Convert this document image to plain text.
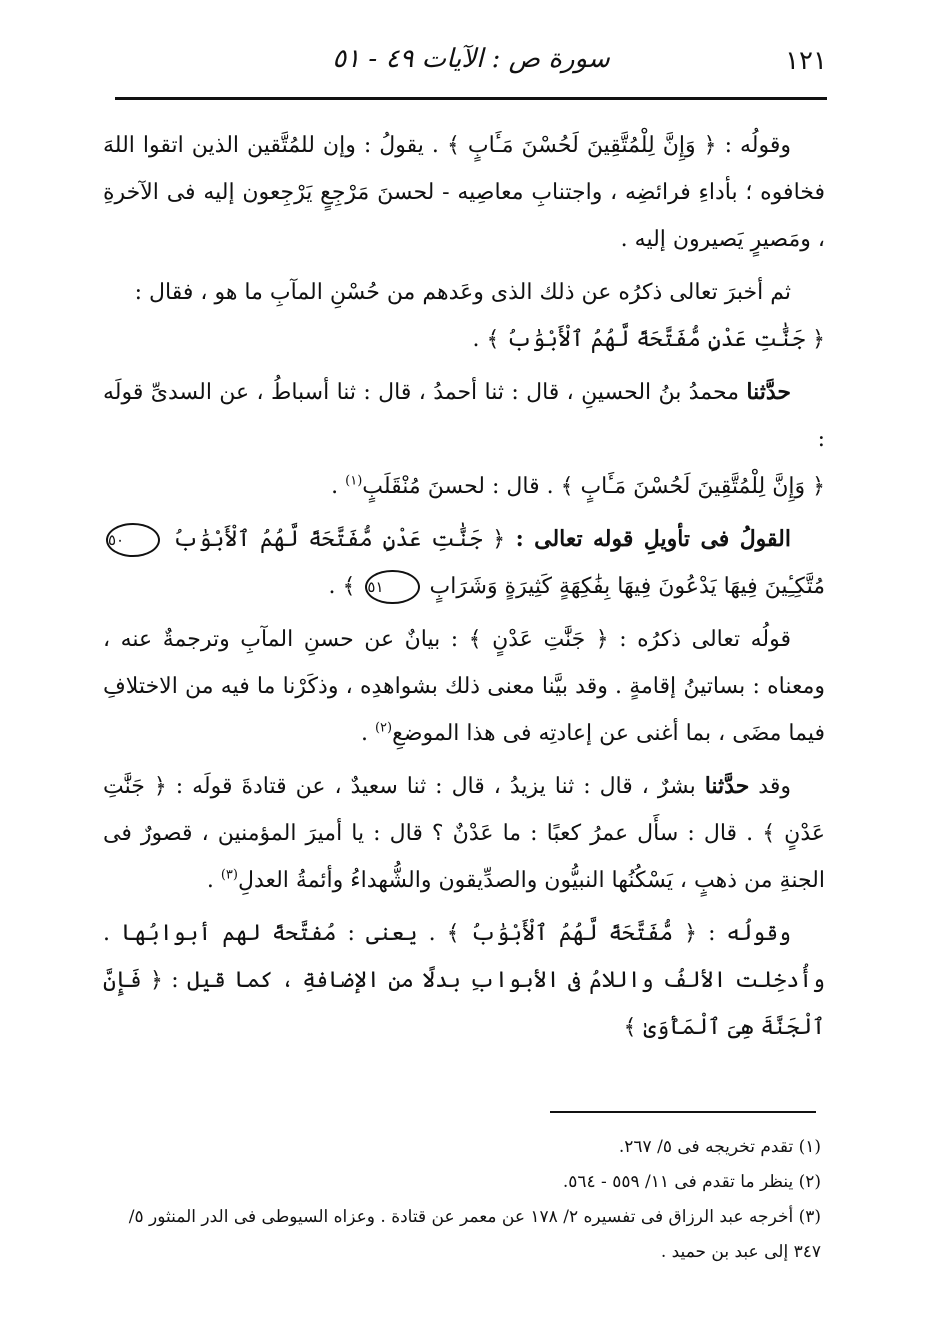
١٢١
سورة ص : الآيات ٤٩ - ٥١

وقولُه : ﴿ وَإِنَّ لِلْمُتَّقِينَ لَحُسْنَ مَـَٔابٍ ﴾ . يقولُ : وإن للمُتَّقين الذين اتقوا اللهَ فخافوه ؛ بأداءِ فرائضِه ، واجتنابِ معاصِيه - لحسنَ مَرْجِعٍ يَرْجِعون إليه فى الآخرةِ ، ومَصيرٍ يَصيرون إليه .

ثم أخبرَ تعالى ذكرُه عن ذلك الذى وعَدهم من حُسْنِ المآبِ ما هو ، فقال :
﴿ جَنَّٰتِ عَدْنٍ مُّفَتَّحَةً لَّهُمُ ٱلْأَبْوَٰبُ ﴾ .

حدَّثنا محمدُ بنُ الحسينِ ، قال : ثنا أحمدُ ، قال : ثنا أسباطُ ، عن السدىِّ قولَه :
﴿ وَإِنَّ لِلْمُتَّقِينَ لَحُسْنَ مَـَٔابٍ ﴾ . قال : لحسنَ مُنْقَلَبٍ$^{(١)}$ .

القولُ فى تأويلِ قوله تعالى : ﴿ جَنَّٰتِ عَدْنٍ مُّفَتَّحَةً لَّهُمُ ٱلْأَبْوَٰبُ ٥٠ مُتَّكِـِٔينَ فِيهَا يَدْعُونَ فِيهَا بِفَٰكِهَةٍ كَثِيرَةٍ وَشَرَابٍ ٥١ ﴾ .

قولُه تعالى ذكرُه : ﴿ جَنَّٰتِ عَدْنٍ ﴾ : بيانٌ عن حسنِ المآبِ وترجمةٌ عنه ، ومعناه : بساتينُ إقامةٍ . وقد بيَّنا معنى ذلك بشواهدِه ، وذكَرْنا ما فيه من الاختلافِ فيما مضَى ، بما أغنى عن إعادتِه فى هذا الموضعِ$^{(٢)}$ .

وقد حدَّثنا بشرٌ ، قال : ثنا يزيدُ ، قال : ثنا سعيدٌ ، عن قتادةَ قولَه : ﴿ جَنَّٰتِ عَدْنٍ ﴾ . قال : سأَل عمرُ كعبًا : ما عَدْنٌ ؟ قال : يا أميرَ المؤمنين ، قصورٌ فى الجنةِ من ذهبٍ ، يَسْكُنُها النبيُّون والصدِّيقون والشُّهداءُ وأئمةُ العدلِ$^{(٣)}$ .

وقولُه : ﴿ مُّفَتَّحَةً لَّهُمُ ٱلْأَبْوَٰبُ ﴾ . يعنى : مُفتَّحةً لهم أبوابُها . وأُدخِلت الألفُ واللامُ فى الأبوابِ بدلًا من الإضافةِ ، كما قيل : ﴿ فَإِنَّ ٱلْجَنَّةَ هِىَ ٱلْمَأْوَىٰ ﴾

(١) تقدم تخريجه فى ٥/ ٢٦٧.

(٢) ينظر ما تقدم فى ١١/ ٥٥٩ - ٥٦٤.

(٣) أخرجه عبد الرزاق فى تفسيره ٢/ ١٧٨ عن معمر عن قتادة . وعزاه السيوطى فى الدر المنثور ٥/ ٣٤٧ إلى عبد بن حميد .
